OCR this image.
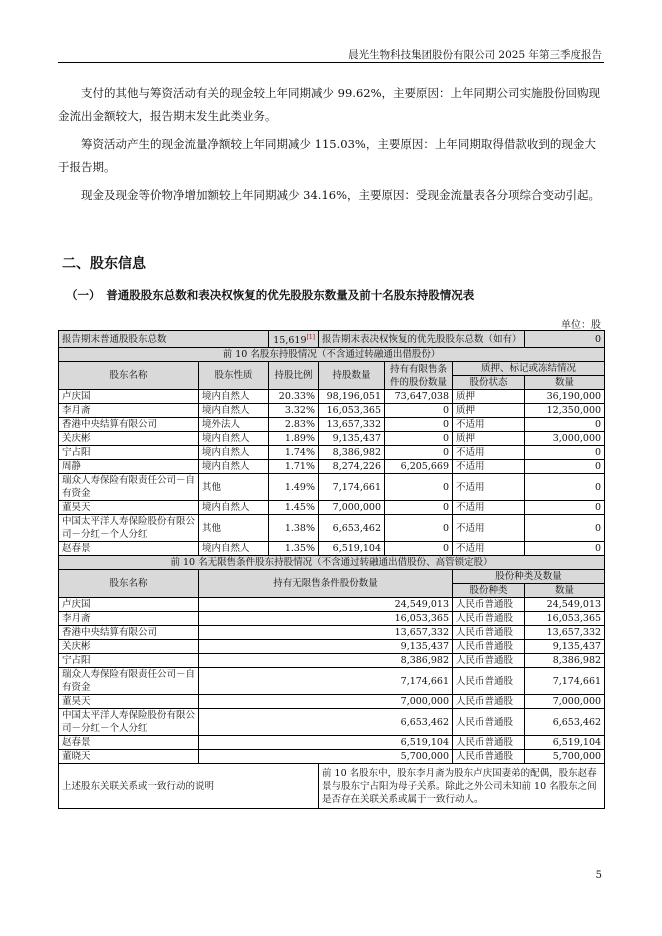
晨光生物科技集团股份有限公司 2025 年第三季度报告

支付的其他与筹资活动有关的现金较上年同期减少 99.62%，主要原因：上年同期公司实施股份回购现金流出金额较大，报告期末发生此类业务。

筹资活动产生的现金流量净额较上年同期减少 115.03%，主要原因：上年同期取得借款收到的现金大于报告期。

现金及现金等价物净增加额较上年同期减少 34.16%，主要原因：受现金流量表各分项综合变动引起。

二、股东信息
（一）　普通股股东总数和表决权恢复的优先股股东数量及前十名股东持股情况表
单位：股
报告期末普通股股东总数		15,619[1]	报告期末表决权恢复的优先股股东总数（如有）			0
前 10 名股东持股情况（不含通过转融通出借股份）						
股东名称	股东性质	持股比例	持股数量	持有有限售条件的股份数量	质押、标记或冻结情况	
					股份状态	数量
卢庆国	境内自然人	20.33%	98,196,051	73,647,038	质押	36,190,000
李月斋	境内自然人	3.32%	16,053,365	0	质押	12,350,000
香港中央结算有限公司	境外法人	2.83%	13,657,332	0	不适用	0
关庆彬	境内自然人	1.89%	9,135,437	0	质押	3,000,000
宁占阳	境内自然人	1.74%	8,386,982	0	不适用	0
周静	境内自然人	1.71%	8,274,226	6,205,669	不适用	0
瑞众人寿保险有限责任公司－自有资金	其他	1.49%	7,174,661	0	不适用	0
董昊天	境内自然人	1.45%	7,000,000	0	不适用	0
中国太平洋人寿保险股份有限公司－分红－个人分红	其他	1.38%	6,653,462	0	不适用	0
赵春景	境内自然人	1.35%	6,519,104	0	不适用	0
前 10 名无限售条件股东持股情况（不含通过转融通出借股份、高管锁定股）						
股东名称	持有无限售条件股份数量				股份种类及数量	
					股份种类	数量
卢庆国	24,549,013				人民币普通股	24,549,013
李月斋	16,053,365				人民币普通股	16,053,365
香港中央结算有限公司	13,657,332				人民币普通股	13,657,332
关庆彬	9,135,437				人民币普通股	9,135,437
宁占阳	8,386,982				人民币普通股	8,386,982
瑞众人寿保险有限责任公司－自有资金	7,174,661				人民币普通股	7,174,661
董昊天	7,000,000				人民币普通股	7,000,000
中国太平洋人寿保险股份有限公司－分红－个人分红	6,653,462				人民币普通股	6,653,462
赵春景	6,519,104				人民币普通股	6,519,104
董晓天	5,700,000				人民币普通股	5,700,000
上述股东关联关系或一致行动的说明			前 10 名股东中，股东李月斋为股东卢庆国妻弟的配偶，股东赵春景与股东宁占阳为母子关系。除此之外公司未知前 10 名股东之间是否存在关联关系或属于一致行动人。			
5
